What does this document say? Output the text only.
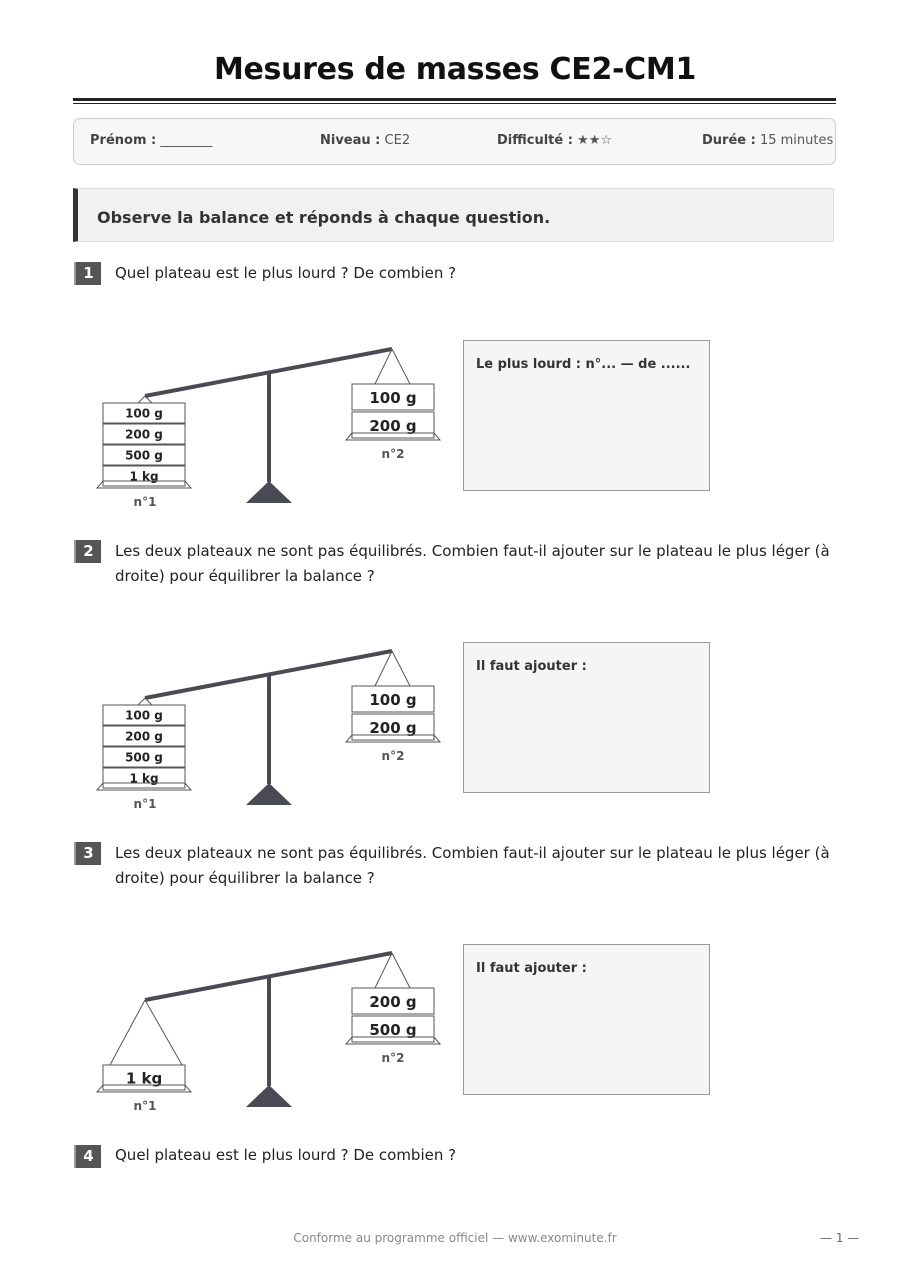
Mesures de masses CE2-CM1
Prénom : ________	Niveau : CE2	Difficulté : ★★☆	Durée : 15 minutes
Observe la balance et réponds à chaque question.
1	Quel plateau est le plus lourd ? De combien ?
100 g
200 g
500 g
1 kg
n°1
100 g
200 g
n°2
100 g
200 g
500 g
1 kg
n°1
100 g
200 g
n°2
1 kg
n°1
200 g
500 g
n°2
Le plus lourd : n°... — de ......
2	Les deux plateaux ne sont pas équilibrés. Combien faut-il ajouter sur le plateau le plus léger (à droite) pour équilibrer la balance ?
Il faut ajouter :
3	Les deux plateaux ne sont pas équilibrés. Combien faut-il ajouter sur le plateau le plus léger (à droite) pour équilibrer la balance ?
Il faut ajouter :
4	Quel plateau est le plus lourd ? De combien ?
Conforme au programme officiel — www.exominute.fr	— 1 —
